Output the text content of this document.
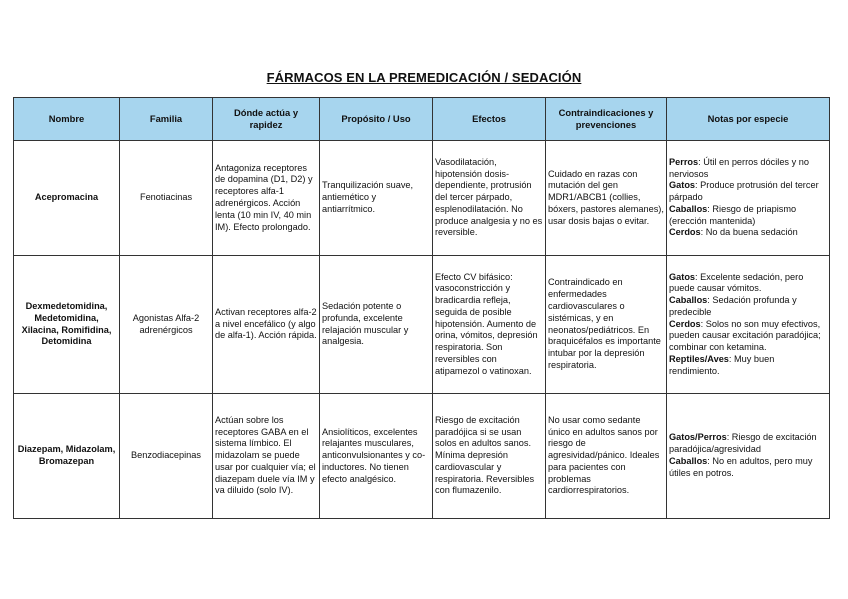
FÁRMACOS EN LA PREMEDICACIÓN / SEDACIÓN
Nombre	Familia	Dónde actúa y rapidez	Propósito / Uso	Efectos	Contraindicaciones y prevenciones	Notas por especie
Acepromacina	Fenotiacinas	Antagoniza receptores de dopamina (D1, D2) y receptores alfa-1 adrenérgicos. Acción lenta (10 min IV, 40 min IM). Efecto prolongado.	Tranquilización suave, antiemético y antiarrítmico.	Vasodilatación, hipotensión dosis-dependiente, protrusión del tercer párpado, esplenodilatación. No produce analgesia y no es reversible.	Cuidado en razas con mutación del gen MDR1/ABCB1 (collies, bóxers, pastores alemanes), usar dosis bajas o evitar.	Perros: Útil en perros dóciles y no nerviosos
Gatos: Produce protrusión del tercer párpado
Caballos: Riesgo de priapismo (erección mantenida)
Cerdos: No da buena sedación

Dexmedetomidina, Medetomidina, Xilacina, Romifidina, Detomidina	Agonistas Alfa-2 adrenérgicos	Activan receptores alfa-2 a nivel encefálico (y algo de alfa-1). Acción rápida.	Sedación potente o profunda, excelente relajación muscular y analgesia.	Efecto CV bifásico: vasoconstricción y bradicardia refleja, seguida de posible hipotensión. Aumento de orina, vómitos, depresión respiratoria. Son reversibles con atipamezol o vatinoxan.	Contraindicado en enfermedades cardiovasculares o sistémicas, y en neonatos/pediátricos. En braquicéfalos es importante intubar por la depresión respiratoria.	Gatos: Excelente sedación, pero puede causar vómitos.
Caballos: Sedación profunda y predecible
Cerdos: Solos no son muy efectivos, pueden causar excitación paradójica; combinar con ketamina.
Reptiles/Aves: Muy buen rendimiento.

Diazepam, Midazolam, Bromazepan	Benzodiacepinas	Actúan sobre los receptores GABA en el sistema límbico. El midazolam se puede usar por cualquier vía; el diazepam duele vía IM y va diluido (solo IV).	Ansiolíticos, excelentes relajantes musculares, anticonvulsionantes y co-inductores. No tienen efecto analgésico.	Riesgo de excitación paradójica si se usan solos en adultos sanos. Mínima depresión cardiovascular y respiratoria. Reversibles con flumazenilo.	No usar como sedante único en adultos sanos por riesgo de agresividad/pánico. Ideales para pacientes con problemas cardiorrespiratorios.	Gatos/Perros: Riesgo de excitación paradójica/agresividad
Caballos: No en adultos, pero muy útiles en potros.
